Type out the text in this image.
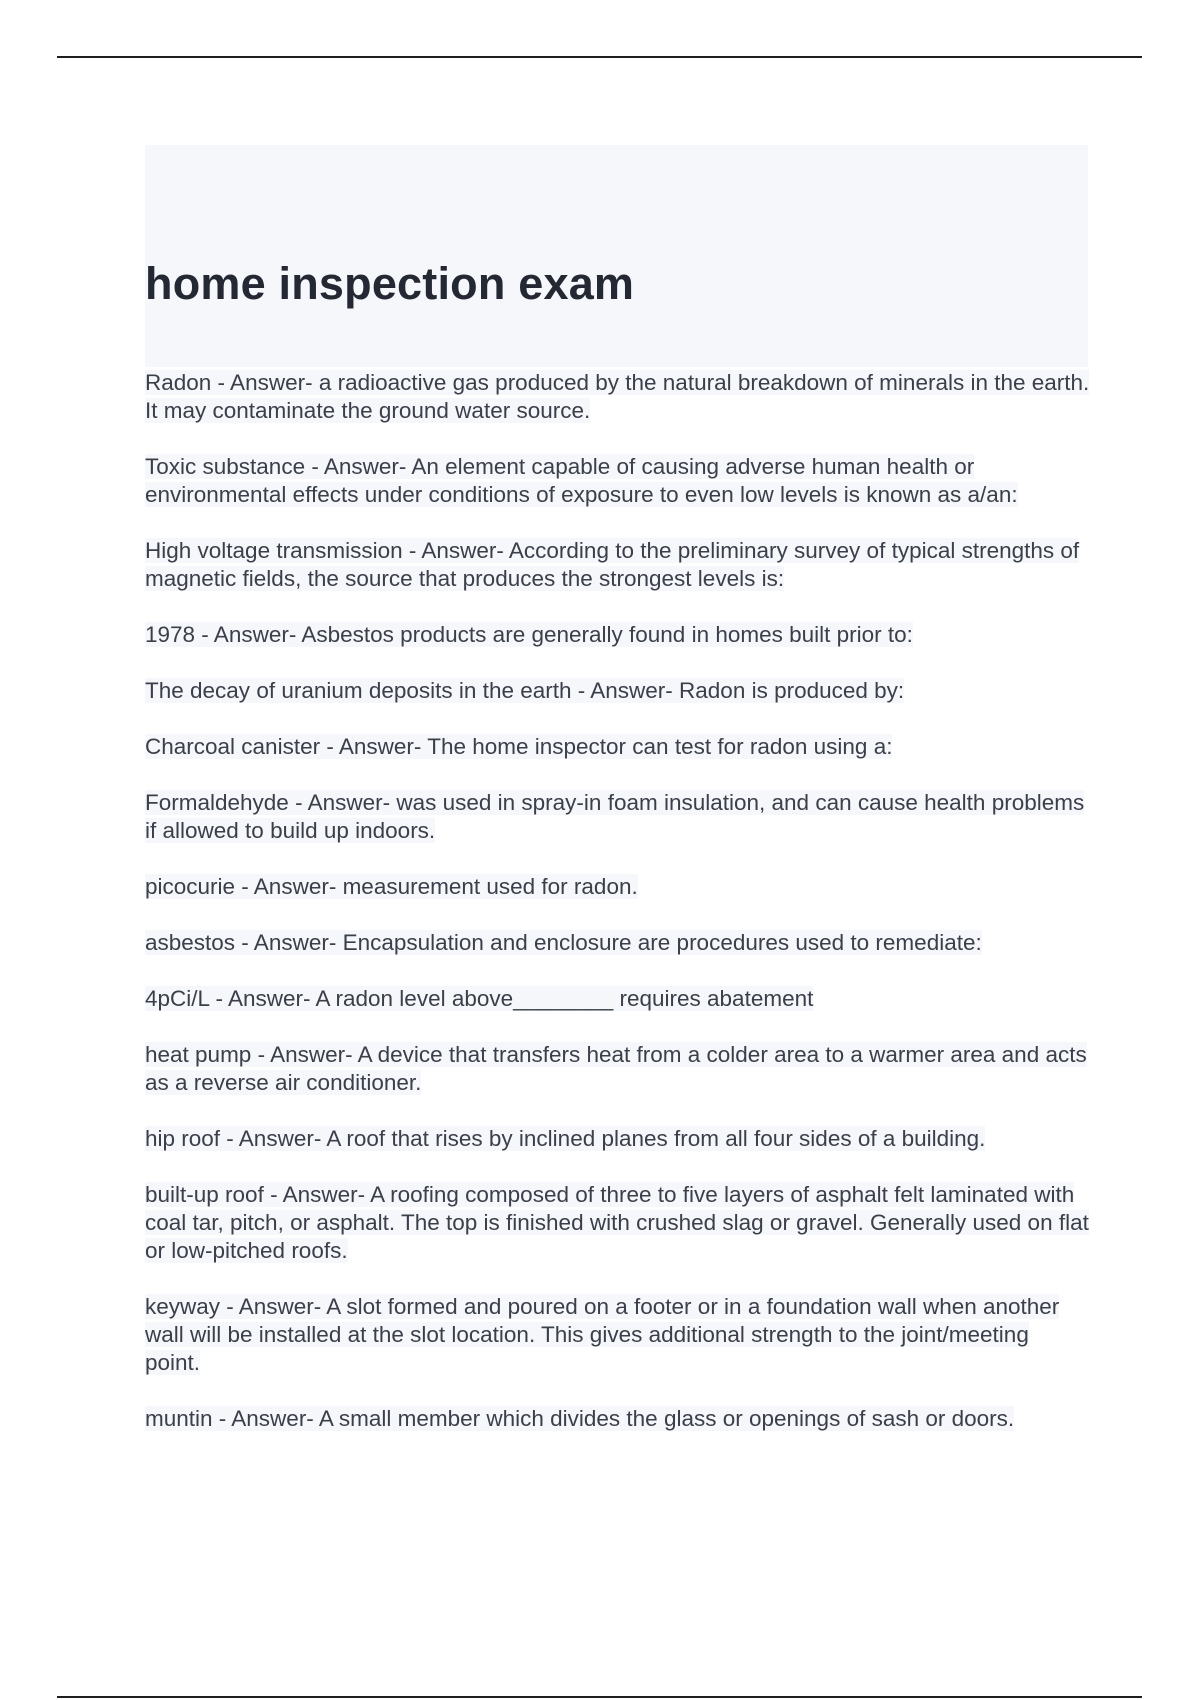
home inspection exam
Radon - Answer- a radioactive gas produced by the natural breakdown of minerals in the earth. It may contaminate the ground water source.
Toxic substance - Answer- An element capable of causing adverse human health or environmental effects under conditions of exposure to even low levels is known as a/an:
High voltage transmission - Answer- According to the preliminary survey of typical strengths of magnetic fields, the source that produces the strongest levels is:
1978 - Answer- Asbestos products are generally found in homes built prior to:
The decay of uranium deposits in the earth - Answer- Radon is produced by:
Charcoal canister - Answer- The home inspector can test for radon using a:
Formaldehyde - Answer- was used in spray-in foam insulation, and can cause health problems if allowed to build up indoors.
picocurie - Answer- measurement used for radon.
asbestos - Answer- Encapsulation and enclosure are procedures used to remediate:
4pCi/L - Answer- A radon level above________ requires abatement
heat pump - Answer- A device that transfers heat from a colder area to a warmer area and acts as a reverse air conditioner.
hip roof - Answer- A roof that rises by inclined planes from all four sides of a building.
built-up roof - Answer- A roofing composed of three to five layers of asphalt felt laminated with coal tar, pitch, or asphalt. The top is finished with crushed slag or gravel. Generally used on flat or low-pitched roofs.
keyway - Answer- A slot formed and poured on a footer or in a foundation wall when another wall will be installed at the slot location. This gives additional strength to the joint/meeting point.
muntin - Answer- A small member which divides the glass or openings of sash or doors.
